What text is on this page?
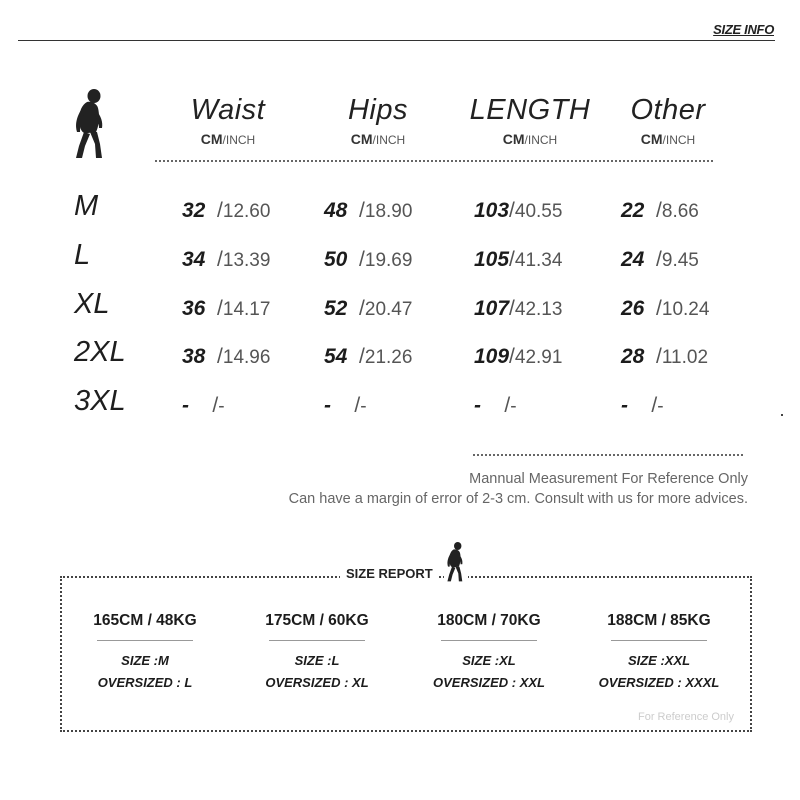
SIZE INFO
Waist
CM/INCH
Hips
CM/INCH
LENGTH
CM/INCH
Other
CM/INCH
M	32  /12.60	48  /18.90	103/40.55	22  /8.66
L	34  /13.39	50  /19.69	105/41.34	24  /9.45
XL	36  /14.17	52  /20.47	107/42.13	26  /10.24
2XL	38  /14.96	54  /21.26	109/42.91	28  /11.02
3XL	-    /-	-    /-	-    /-	-    /-
Mannual Measurement For Reference Only
Can have a margin of error of 2-3 cm. Consult with us for more advices.
SIZE REPORT
165CM / 48KG
SIZE :M
OVERSIZED : L
175CM / 60KG
SIZE :L
OVERSIZED : XL
180CM / 70KG
SIZE :XL
OVERSIZED : XXL
188CM / 85KG
SIZE :XXL
OVERSIZED : XXXL
For Reference Only
